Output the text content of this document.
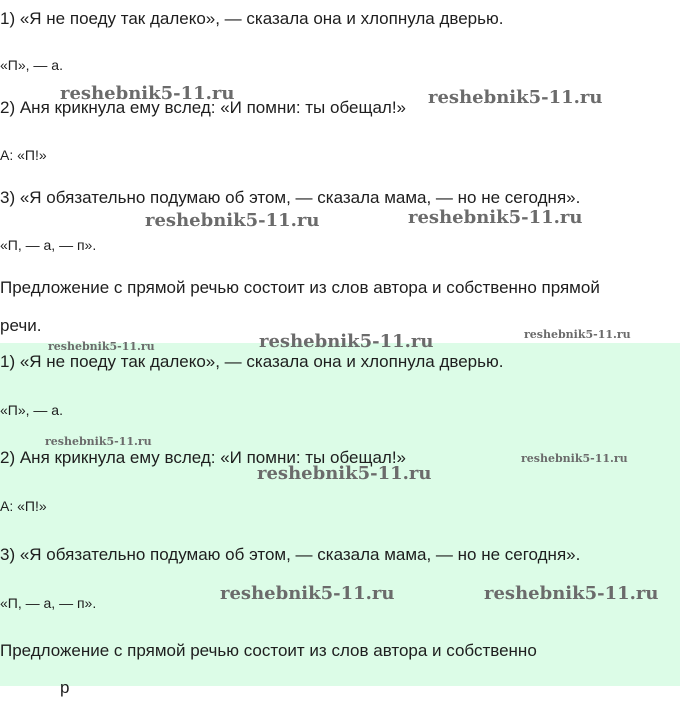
1) «Я не поеду так далеко», — сказала она и хлопнула дверью.
«П», — а.
2) Аня крикнула ему вслед: «И помни: ты обещал!»
А: «П!»
3) «Я обязательно подумаю об этом, — сказала мама, — но не сегодня».
«П, — а, — п».
Предложение с прямой речью состоит из слов автора и собственно прямой
речи.
1) «Я не поеду так далеко», — сказала она и хлопнула дверью.
«П», — а.
2) Аня крикнула ему вслед: «И помни: ты обещал!»
А: «П!»
3) «Я обязательно подумаю об этом, — сказала мама, — но не сегодня».
«П, — а, — п».
Предложение с прямой речью состоит из слов автора и собственно
р
reshebnik5-11.ru	reshebnik5-11.ru
reshebnik5-11.ru	reshebnik5-11.ru
reshebnik5-11.ru
reshebnik5-11.ru
reshebnik5-11.ru
reshebnik5-11.ru
reshebnik5-11.ru
reshebnik5-11.ru
reshebnik5-11.ru	reshebnik5-11.ru
